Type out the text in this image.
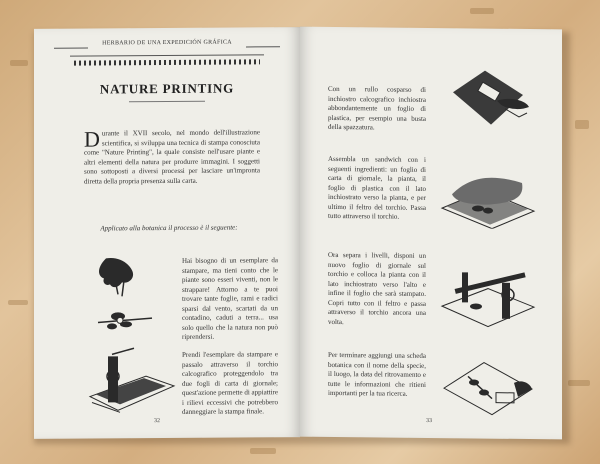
HERBARIO DE UNA EXPEDICIÓN GRÁFICA
NATURE PRINTING
D urante il XVII secolo, nel mondo dell'illustrazione scientifica, si sviluppa una tecnica di stampa conosciuta come "Nature Printing", la quale consiste nell'usare piante e altri elementi della natura per produrre immagini. I soggetti sono sottoposti a diversi processi per lasciare un'impronta diretta della propria presenza sulla carta.
Applicato alla botanica il processo è il seguente:
Hai bisogno di un esemplare da stampare, ma tieni conto che le piante sono esseri viventi, non le strappare! Attorno a te puoi trovare tante foglie, rami e radici sparsi dal vento, scartati da un contadino, caduti a terra... usa solo quello che la natura non può riprendersi.
Prendi l'esemplare da stampare e passalo attraverso il torchio calcografico proteggendolo tra due fogli di carta di giornale; quest'azione permette di appiattire i rilievi eccessivi che potrebbero danneggiare la stampa finale.
32
Con un rullo cosparso di inchiostro calcografico inchiostra abbondantemente un foglio di plastica, per esempio una busta della spazzatura.
Assembla un sandwich con i seguenti ingredienti: un foglio di carta di giornale, la pianta, il foglio di plastica con il lato inchiostrato verso la pianta, e per ultimo il feltro del torchio. Passa tutto attraverso il torchio.
Ora separa i livelli, disponi un nuovo foglio di giornale sul torchio e colloca la pianta con il lato inchiostrato verso l'alto e infine il foglio che sarà stampato. Copri tutto con il feltro e passa attraverso il torchio ancora una volta.
Per terminare aggiungi una scheda botanica con il nome della specie, il luogo, la data del ritrovamento e tutte le informazioni che ritieni importanti per la tua ricerca.
33
